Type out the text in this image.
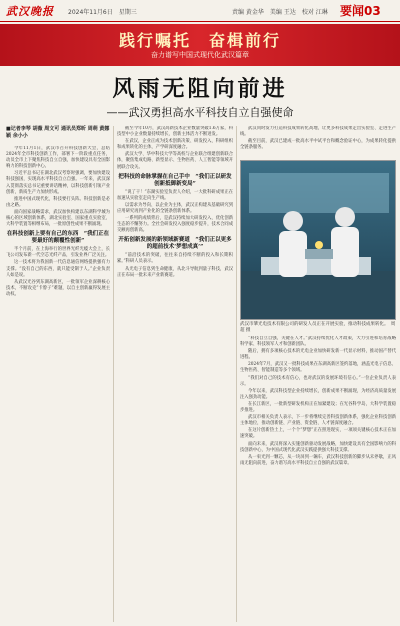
武汉晚报 2024年11月6日　星期三	责编 黄金华　美编 王达　校对 江琳 要闻03
践行嘱托　奋楫前行
奋力谱写中国式现代化武汉篇章
风雨无阻向前进
——武汉勇担高水平科技自立自强使命
■记者李琴 胡薇 周文可 通讯员郑昕 周萌 黄娜颖 余小小

今年11月1日，武汉市召开科技创新大会，总结2024年全市科技创新工作，部署下一阶段重点任务，动员全市上下聚焦科技自立自强，加快建设具有全国影响力的科技创新中心。

习近平总书记在湖北武汉考察时强调，要加快建设科技强国，实现高水平科技自立自强。一年来，武汉深入贯彻落实总书记重要讲话精神，以科技创新引领产业创新，新质生产力加快形成。

推进中国式现代化，科技要打头阵。科技创新是必由之路。

面向国家战略需求，武汉加快构建以东湖科学城为核心的区域创新体系，湖北实验室、国家重点实验室、大科学装置等相继布局，一批原创性成果不断涌现。

在科技创新上要有自己的东西　“我们正在要最好的颠覆性创新”

半个月前，在上海举行的世界光纤光缆大会上，长飞公司发布新一代空芯光纤产品，引发业界广泛关注。

这一技术将为我国新一代信息通信网络提供强有力支撑。“没有自己的东西，就只能受制于人。”企业负责人如是说。

从武汉光谷到东湖高新区，一批领军企业深耕核心技术，不断攻克“卡脖子”难题，以自主创新赢得发展主动权。

截至今年10月，武汉高新技术企业数量突破1.6万家，科技型中小企业数量持续增长，创新主体活力不断迸发。

在武汉，企业正成为技术创新决策、研发投入、科研组织和成果转化的主体，产学研深度融合。

武汉大学、华中科技大学等高校与企业联合组建创新联合体，聚焦集成电路、新型显示、生物医药、人工智能等领域开展联合攻关。

把科技的命脉掌握在自己手中　“我们正以研发创新抵御新变局”

“说了干！”东湖实验室负责人介绍，一大批科研成果正在加速从实验室走向生产线。

以需求为导向、以企业为主体，武汉正构建从基础研究到应用研究再到产业化的全链条创新体系。

一系列的成绩背后，是武汉持续加大研发投入、优化创新生态的不懈努力。全社会研发投入强度稳步提升，技术合同成交额再创新高。

开拓创新发展的新领域新赛道　“我们正以更多的超前技术‘梦想成真’”

“前沿技术的突破，往往来自持续不断的投入和长期积累。”科研人员表示。

从光电子信息到生命健康，从北斗导航到量子科技，武汉正在布局一批未来产业新赛道。

武汉同时发力打造科技成果转化高地，让更多科技成果走出实验室、走进生产线。

截至目前，武汉已建成一批高水平中试平台和概念验证中心，为成果转化提供全链条服务。

武汉市肇光电技术有限公司的研发人员正在开展实验，推动科技成果转化。　周超 摄

“科技自立自强，关键在人才。”武汉持续优化人才政策，大力引进和培育战略科学家、科技领军人才和创新团队。

随后，拥有多项核心技术的光电企业加快研发新一代显示材料，推动国产替代进程。

2024年7月，武汉又一批科技成果在东湖高新区签约落地，涵盖光电子信息、生物医药、智能制造等多个领域。

“我们对自己的技术有信心，也对武汉的发展环境有信心。”一位企业负责人表示。

今年以来，武汉科技型企业持续增长，创新成果不断涌现，为经济高质量发展注入强劲动能。

在长江新区，一批新型研发机构正在加紧建设；在光谷科学岛，大科学装置稳步推进。

武汉市相关负责人表示，下一步将继续完善科技创新体系，强化企业科技创新主体地位，推动创新链、产业链、资金链、人才链深度融合。

在这片创新热土上，一个个“梦想”正在照进现实，一项项关键核心技术正在加速突破。

面向未来，武汉将深入实施创新驱动发展战略，加快建设具有全国影响力的科技创新中心，为中国式现代化武汉实践提供强大科技支撑。

从一束光到一颗芯，从一块屏到一辆车，武汉科技创新的脚步从未停歇，正风雨无阻向前进，奋力谱写高水平科技自立自强的武汉篇章。
